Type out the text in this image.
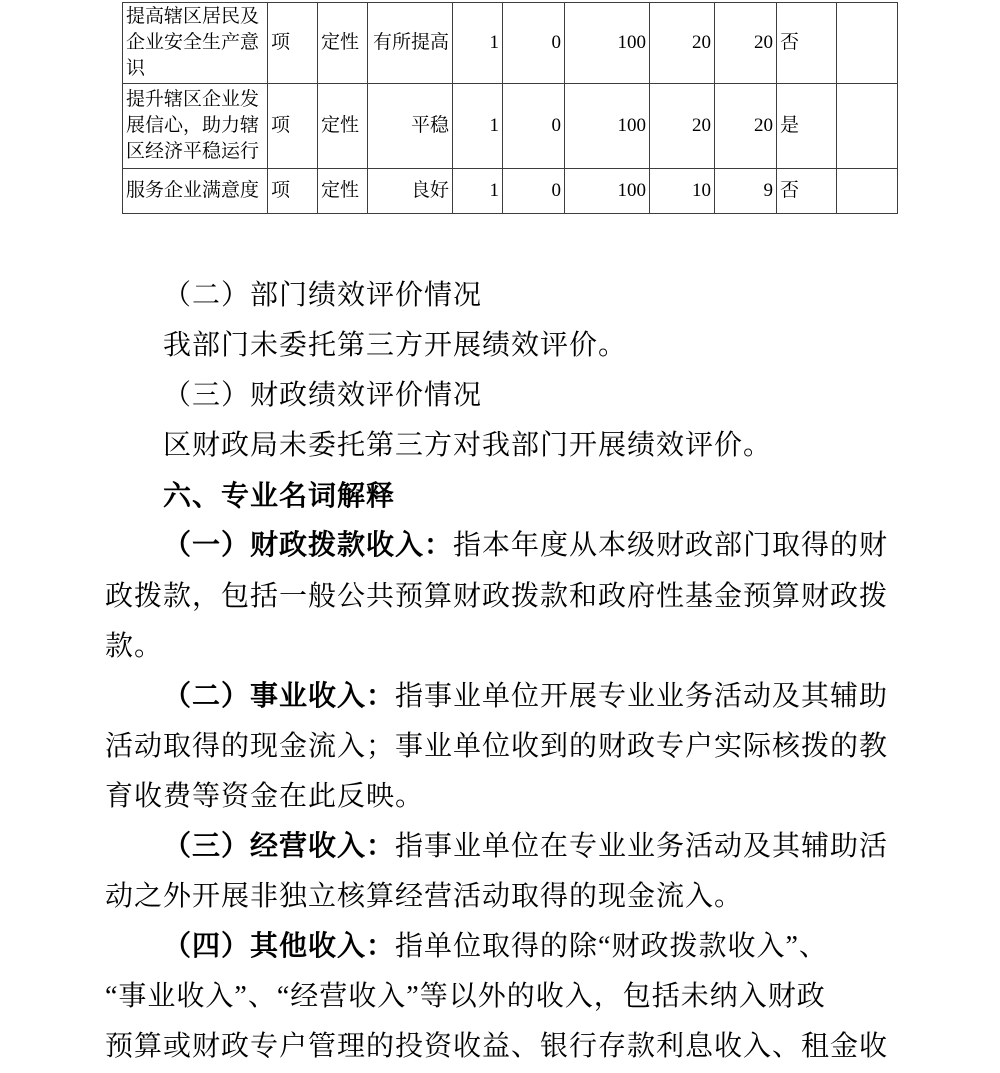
提高辖区居民及企业安全生产意识	项	定性	有所提高	1	0	100	20	20	否	
提升辖区企业发展信心，助力辖区经济平稳运行	项	定性	平稳	1	0	100	20	20	是	
服务企业满意度	项	定性	良好	1	0	100	10	9	否	
（二）部门绩效评价情况
我部门未委托第三方开展绩效评价。
（三）财政绩效评价情况
区财政局未委托第三方对我部门开展绩效评价。
六、专业名词解释
（一）财政拨款收入：指本年度从本级财政部门取得的财
政拨款，包括一般公共预算财政拨款和政府性基金预算财政拨
款。
（二）事业收入：指事业单位开展专业业务活动及其辅助
活动取得的现金流入；事业单位收到的财政专户实际核拨的教
育收费等资金在此反映。
（三）经营收入：指事业单位在专业业务活动及其辅助活
动之外开展非独立核算经营活动取得的现金流入。
（四）其他收入：指单位取得的除“财政拨款收入”、
“事业收入”、“经营收入”等以外的收入，包括未纳入财政
预算或财政专户管理的投资收益、银行存款利息收入、租金收
